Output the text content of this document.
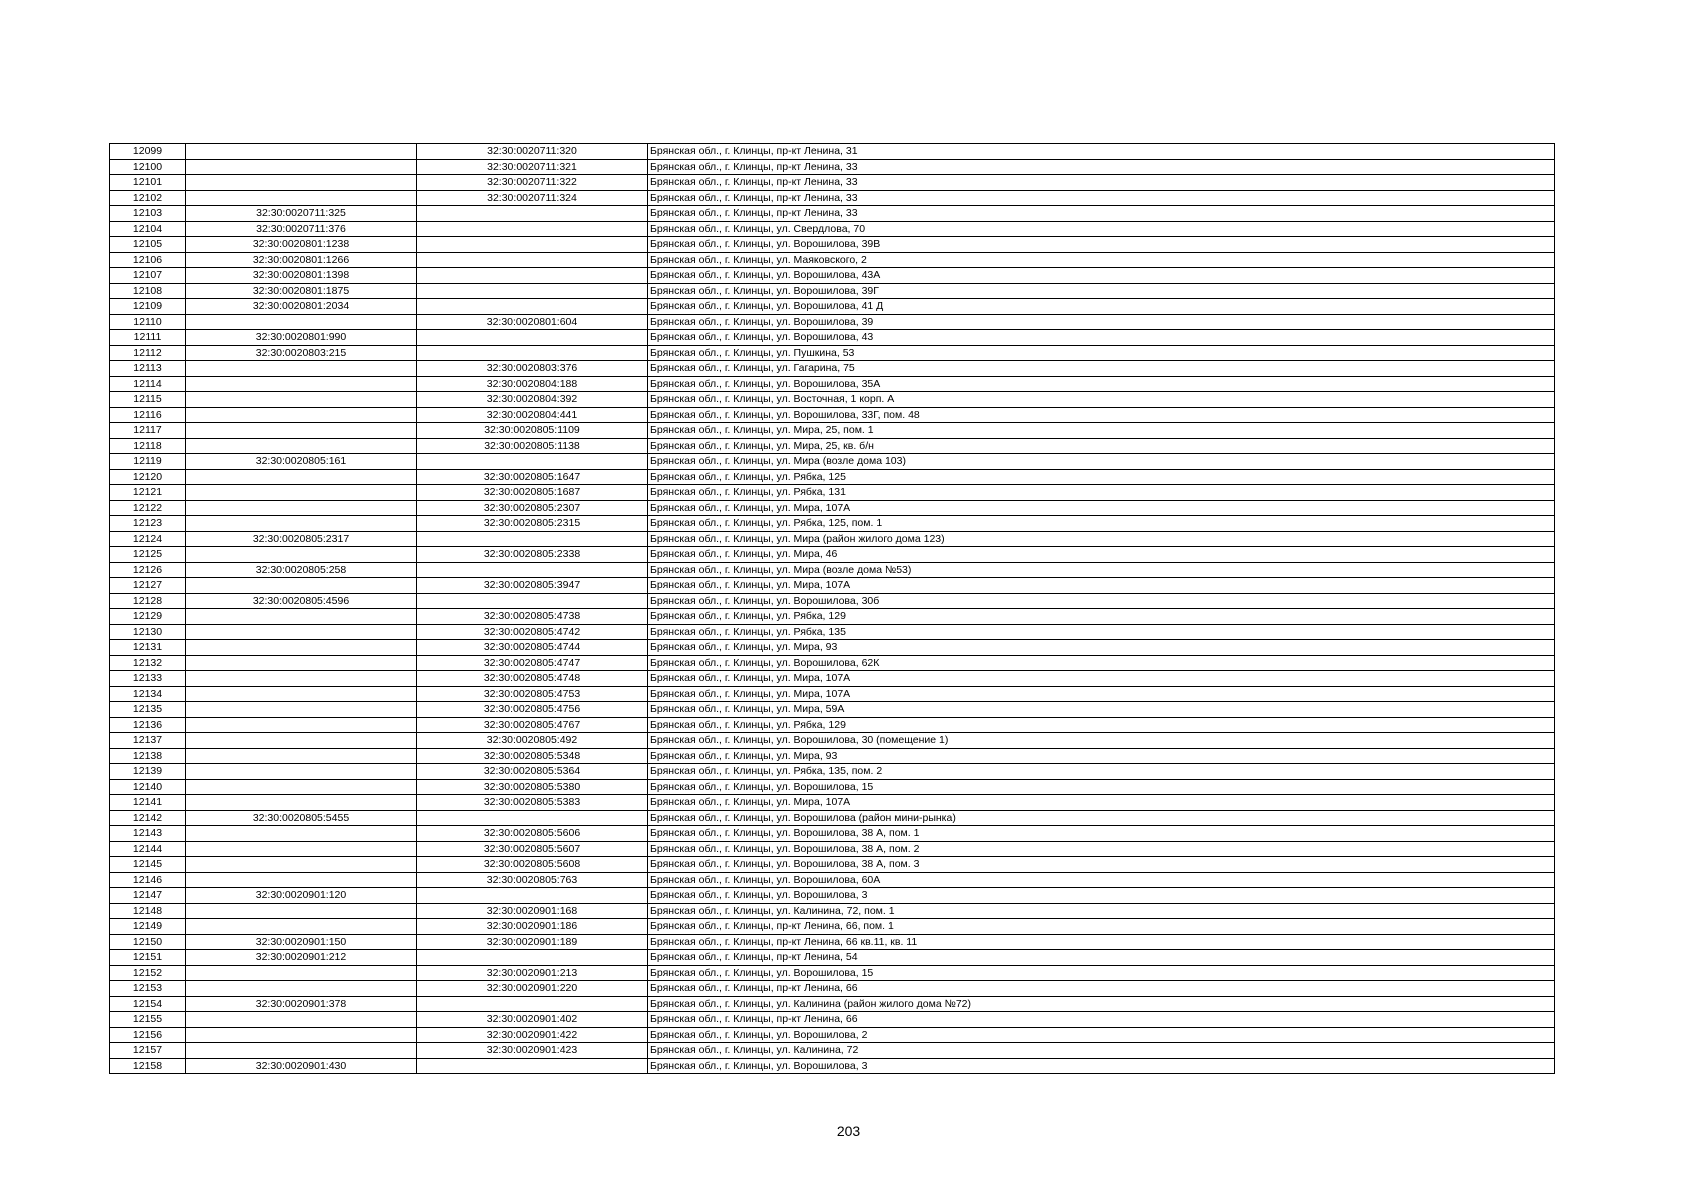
12099		32:30:0020711:320	Брянская обл., г. Клинцы, пр-кт Ленина, 31
12100		32:30:0020711:321	Брянская обл., г. Клинцы, пр-кт Ленина, 33
12101		32:30:0020711:322	Брянская обл., г. Клинцы, пр-кт Ленина, 33
12102		32:30:0020711:324	Брянская обл., г. Клинцы, пр-кт Ленина, 33
12103	32:30:0020711:325		Брянская обл., г. Клинцы, пр-кт Ленина, 33
12104	32:30:0020711:376		Брянская обл., г. Клинцы, ул. Свердлова, 70
12105	32:30:0020801:1238		Брянская обл., г. Клинцы, ул. Ворошилова, 39В
12106	32:30:0020801:1266		Брянская обл., г. Клинцы, ул. Маяковского, 2
12107	32:30:0020801:1398		Брянская обл., г. Клинцы, ул. Ворошилова, 43А
12108	32:30:0020801:1875		Брянская обл., г. Клинцы, ул. Ворошилова, 39Г
12109	32:30:0020801:2034		Брянская обл., г. Клинцы, ул. Ворошилова, 41 Д
12110		32:30:0020801:604	Брянская обл., г. Клинцы, ул. Ворошилова, 39
12111	32:30:0020801:990		Брянская обл., г. Клинцы, ул. Ворошилова, 43
12112	32:30:0020803:215		Брянская обл., г. Клинцы, ул. Пушкина, 53
12113		32:30:0020803:376	Брянская обл., г. Клинцы, ул. Гагарина, 75
12114		32:30:0020804:188	Брянская обл., г. Клинцы, ул. Ворошилова, 35А
12115		32:30:0020804:392	Брянская обл., г. Клинцы, ул. Восточная, 1 корп. А
12116		32:30:0020804:441	Брянская обл., г. Клинцы, ул. Ворошилова, 33Г, пом. 48
12117		32:30:0020805:1109	Брянская обл., г. Клинцы, ул. Мира, 25, пом. 1
12118		32:30:0020805:1138	Брянская обл., г. Клинцы, ул. Мира, 25, кв. б/н
12119	32:30:0020805:161		Брянская обл., г. Клинцы, ул. Мира (возле дома 103)
12120		32:30:0020805:1647	Брянская обл., г. Клинцы, ул. Рябка, 125
12121		32:30:0020805:1687	Брянская обл., г. Клинцы, ул. Рябка, 131
12122		32:30:0020805:2307	Брянская обл., г. Клинцы, ул. Мира, 107А
12123		32:30:0020805:2315	Брянская обл., г. Клинцы, ул. Рябка, 125, пом. 1
12124	32:30:0020805:2317		Брянская обл., г. Клинцы, ул. Мира (район жилого дома 123)
12125		32:30:0020805:2338	Брянская обл., г. Клинцы, ул. Мира, 46
12126	32:30:0020805:258		Брянская обл., г. Клинцы, ул. Мира (возле дома №53)
12127		32:30:0020805:3947	Брянская обл., г. Клинцы, ул. Мира, 107А
12128	32:30:0020805:4596		Брянская обл., г. Клинцы, ул. Ворошилова, 30б
12129		32:30:0020805:4738	Брянская обл., г. Клинцы, ул. Рябка, 129
12130		32:30:0020805:4742	Брянская обл., г. Клинцы, ул. Рябка, 135
12131		32:30:0020805:4744	Брянская обл., г. Клинцы, ул. Мира, 93
12132		32:30:0020805:4747	Брянская обл., г. Клинцы, ул. Ворошилова, 62К
12133		32:30:0020805:4748	Брянская обл., г. Клинцы, ул. Мира, 107А
12134		32:30:0020805:4753	Брянская обл., г. Клинцы, ул. Мира, 107А
12135		32:30:0020805:4756	Брянская обл., г. Клинцы, ул. Мира, 59А
12136		32:30:0020805:4767	Брянская обл., г. Клинцы, ул. Рябка, 129
12137		32:30:0020805:492	Брянская обл., г. Клинцы, ул. Ворошилова, 30 (помещение 1)
12138		32:30:0020805:5348	Брянская обл., г. Клинцы, ул. Мира, 93
12139		32:30:0020805:5364	Брянская обл., г. Клинцы, ул. Рябка, 135, пом. 2
12140		32:30:0020805:5380	Брянская обл., г. Клинцы, ул. Ворошилова, 15
12141		32:30:0020805:5383	Брянская обл., г. Клинцы, ул. Мира, 107А
12142	32:30:0020805:5455		Брянская обл., г. Клинцы, ул. Ворошилова (район мини-рынка)
12143		32:30:0020805:5606	Брянская обл., г. Клинцы, ул. Ворошилова, 38 А, пом. 1
12144		32:30:0020805:5607	Брянская обл., г. Клинцы, ул. Ворошилова, 38 А, пом. 2
12145		32:30:0020805:5608	Брянская обл., г. Клинцы, ул. Ворошилова, 38 А, пом. 3
12146		32:30:0020805:763	Брянская обл., г. Клинцы, ул. Ворошилова, 60А
12147	32:30:0020901:120		Брянская обл., г. Клинцы, ул. Ворошилова, 3
12148		32:30:0020901:168	Брянская обл., г. Клинцы, ул. Калинина, 72, пом. 1
12149		32:30:0020901:186	Брянская обл., г. Клинцы, пр-кт Ленина, 66, пом. 1
12150	32:30:0020901:150	32:30:0020901:189	Брянская обл., г. Клинцы, пр-кт Ленина, 66 кв.11, кв. 11
12151	32:30:0020901:212		Брянская обл., г. Клинцы, пр-кт Ленина, 54
12152		32:30:0020901:213	Брянская обл., г. Клинцы, ул. Ворошилова, 15
12153		32:30:0020901:220	Брянская обл., г. Клинцы, пр-кт Ленина, 66
12154	32:30:0020901:378		Брянская обл., г. Клинцы, ул. Калинина (район жилого дома №72)
12155		32:30:0020901:402	Брянская обл., г. Клинцы, пр-кт Ленина, 66
12156		32:30:0020901:422	Брянская обл., г. Клинцы, ул. Ворошилова, 2
12157		32:30:0020901:423	Брянская обл., г. Клинцы, ул. Калинина, 72
12158	32:30:0020901:430		Брянская обл., г. Клинцы, ул. Ворошилова, 3
203
